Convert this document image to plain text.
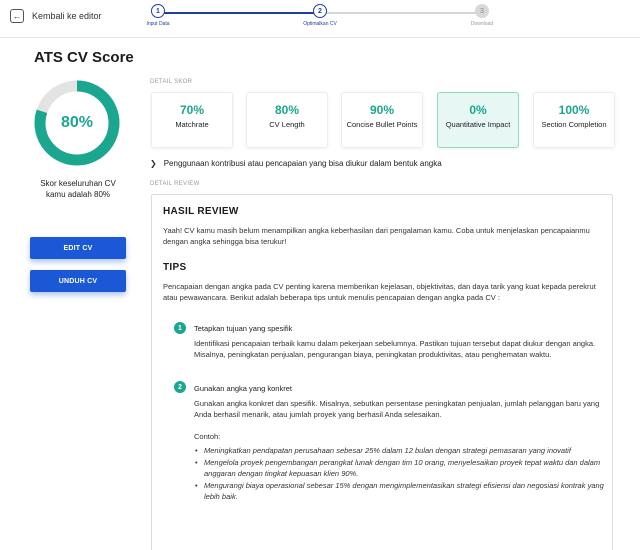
← Kembali ke editor	1
Input Data
2
Optimalkan CV
3
Download
ATS CV Score
80%
Skor keseluruhan CV kamu adalah 80%
EDIT CV
UNDUH CV
DETAIL SKOR
70%
Matchrate
80%
CV Length
90%
Concise Bullet Points
0%
Quantitative Impact
100%
Section Completion
❯ Penggunaan kontribusi atau pencapaian yang bisa diukur dalam bentuk angka
DETAIL REVIEW
HASIL REVIEW
Yaah! CV kamu masih belum menampilkan angka keberhasilan dari pengalaman kamu. Coba untuk menjelaskan pencapaianmu dengan angka sehingga bisa terukur!
TIPS
Pencapaian dengan angka pada CV penting karena memberikan kejelasan, objektivitas, dan daya tarik yang kuat kepada perekrut atau pewawancara. Berikut adalah beberapa tips untuk menulis pencapaian dengan angka pada CV :
1	Tetapkan tujuan yang spesifik
Identifikasi pencapaian terbaik kamu dalam pekerjaan sebelumnya. Pastikan tujuan tersebut dapat diukur dengan angka. Misalnya, peningkatan penjualan, pengurangan biaya, peningkatan produktivitas, atau penghematan waktu.
2	Gunakan angka yang konkret
Gunakan angka konkret dan spesifik. Misalnya, sebutkan persentase peningkatan penjualan, jumlah pelanggan baru yang Anda berhasil menarik, atau jumlah proyek yang berhasil Anda selesaikan.
Contoh:
• Meningkatkan pendapatan perusahaan sebesar 25% dalam 12 bulan dengan strategi pemasaran yang inovatif
• Mengelola proyek pengembangan perangkat lunak dengan tim 10 orang, menyelesaikan proyek tepat waktu dan dalam anggaran dengan tingkat kepuasan klien 90%.
• Mengurangi biaya operasional sebesar 15% dengan mengimplementasikan strategi efisiensi dan negosiasi kontrak yang lebih baik.
